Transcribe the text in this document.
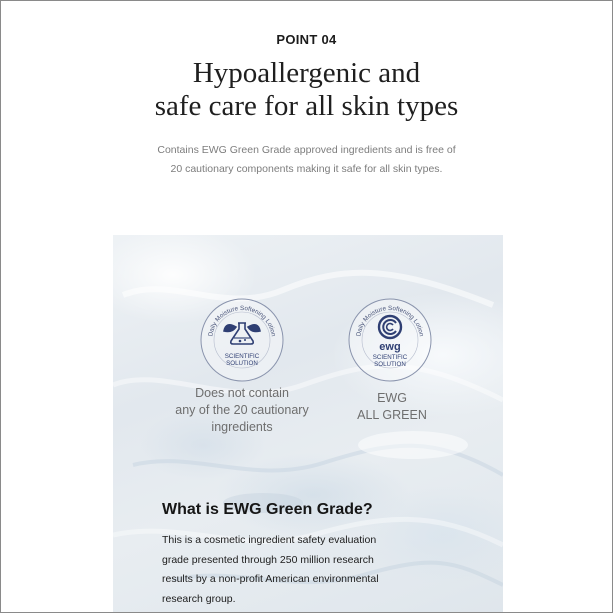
POINT 04
Hypoallergenic and
safe care for all skin types
Contains EWG Green Grade approved ingredients and is free of
20 cautionary components making it safe for all skin types.
Daily Moisture Softening Lotion
SCIENTIFIC
SOLUTION
Daily Moisture Softening Lotion
ewg
SCIENTIFIC
SOLUTION
Does not contain
any of the 20 cautionary
ingredients
EWG
ALL GREEN
What is EWG Green Grade?
This is a cosmetic ingredient safety evaluation
grade presented through 250 million research
results by a non-profit American environmental
research group.
